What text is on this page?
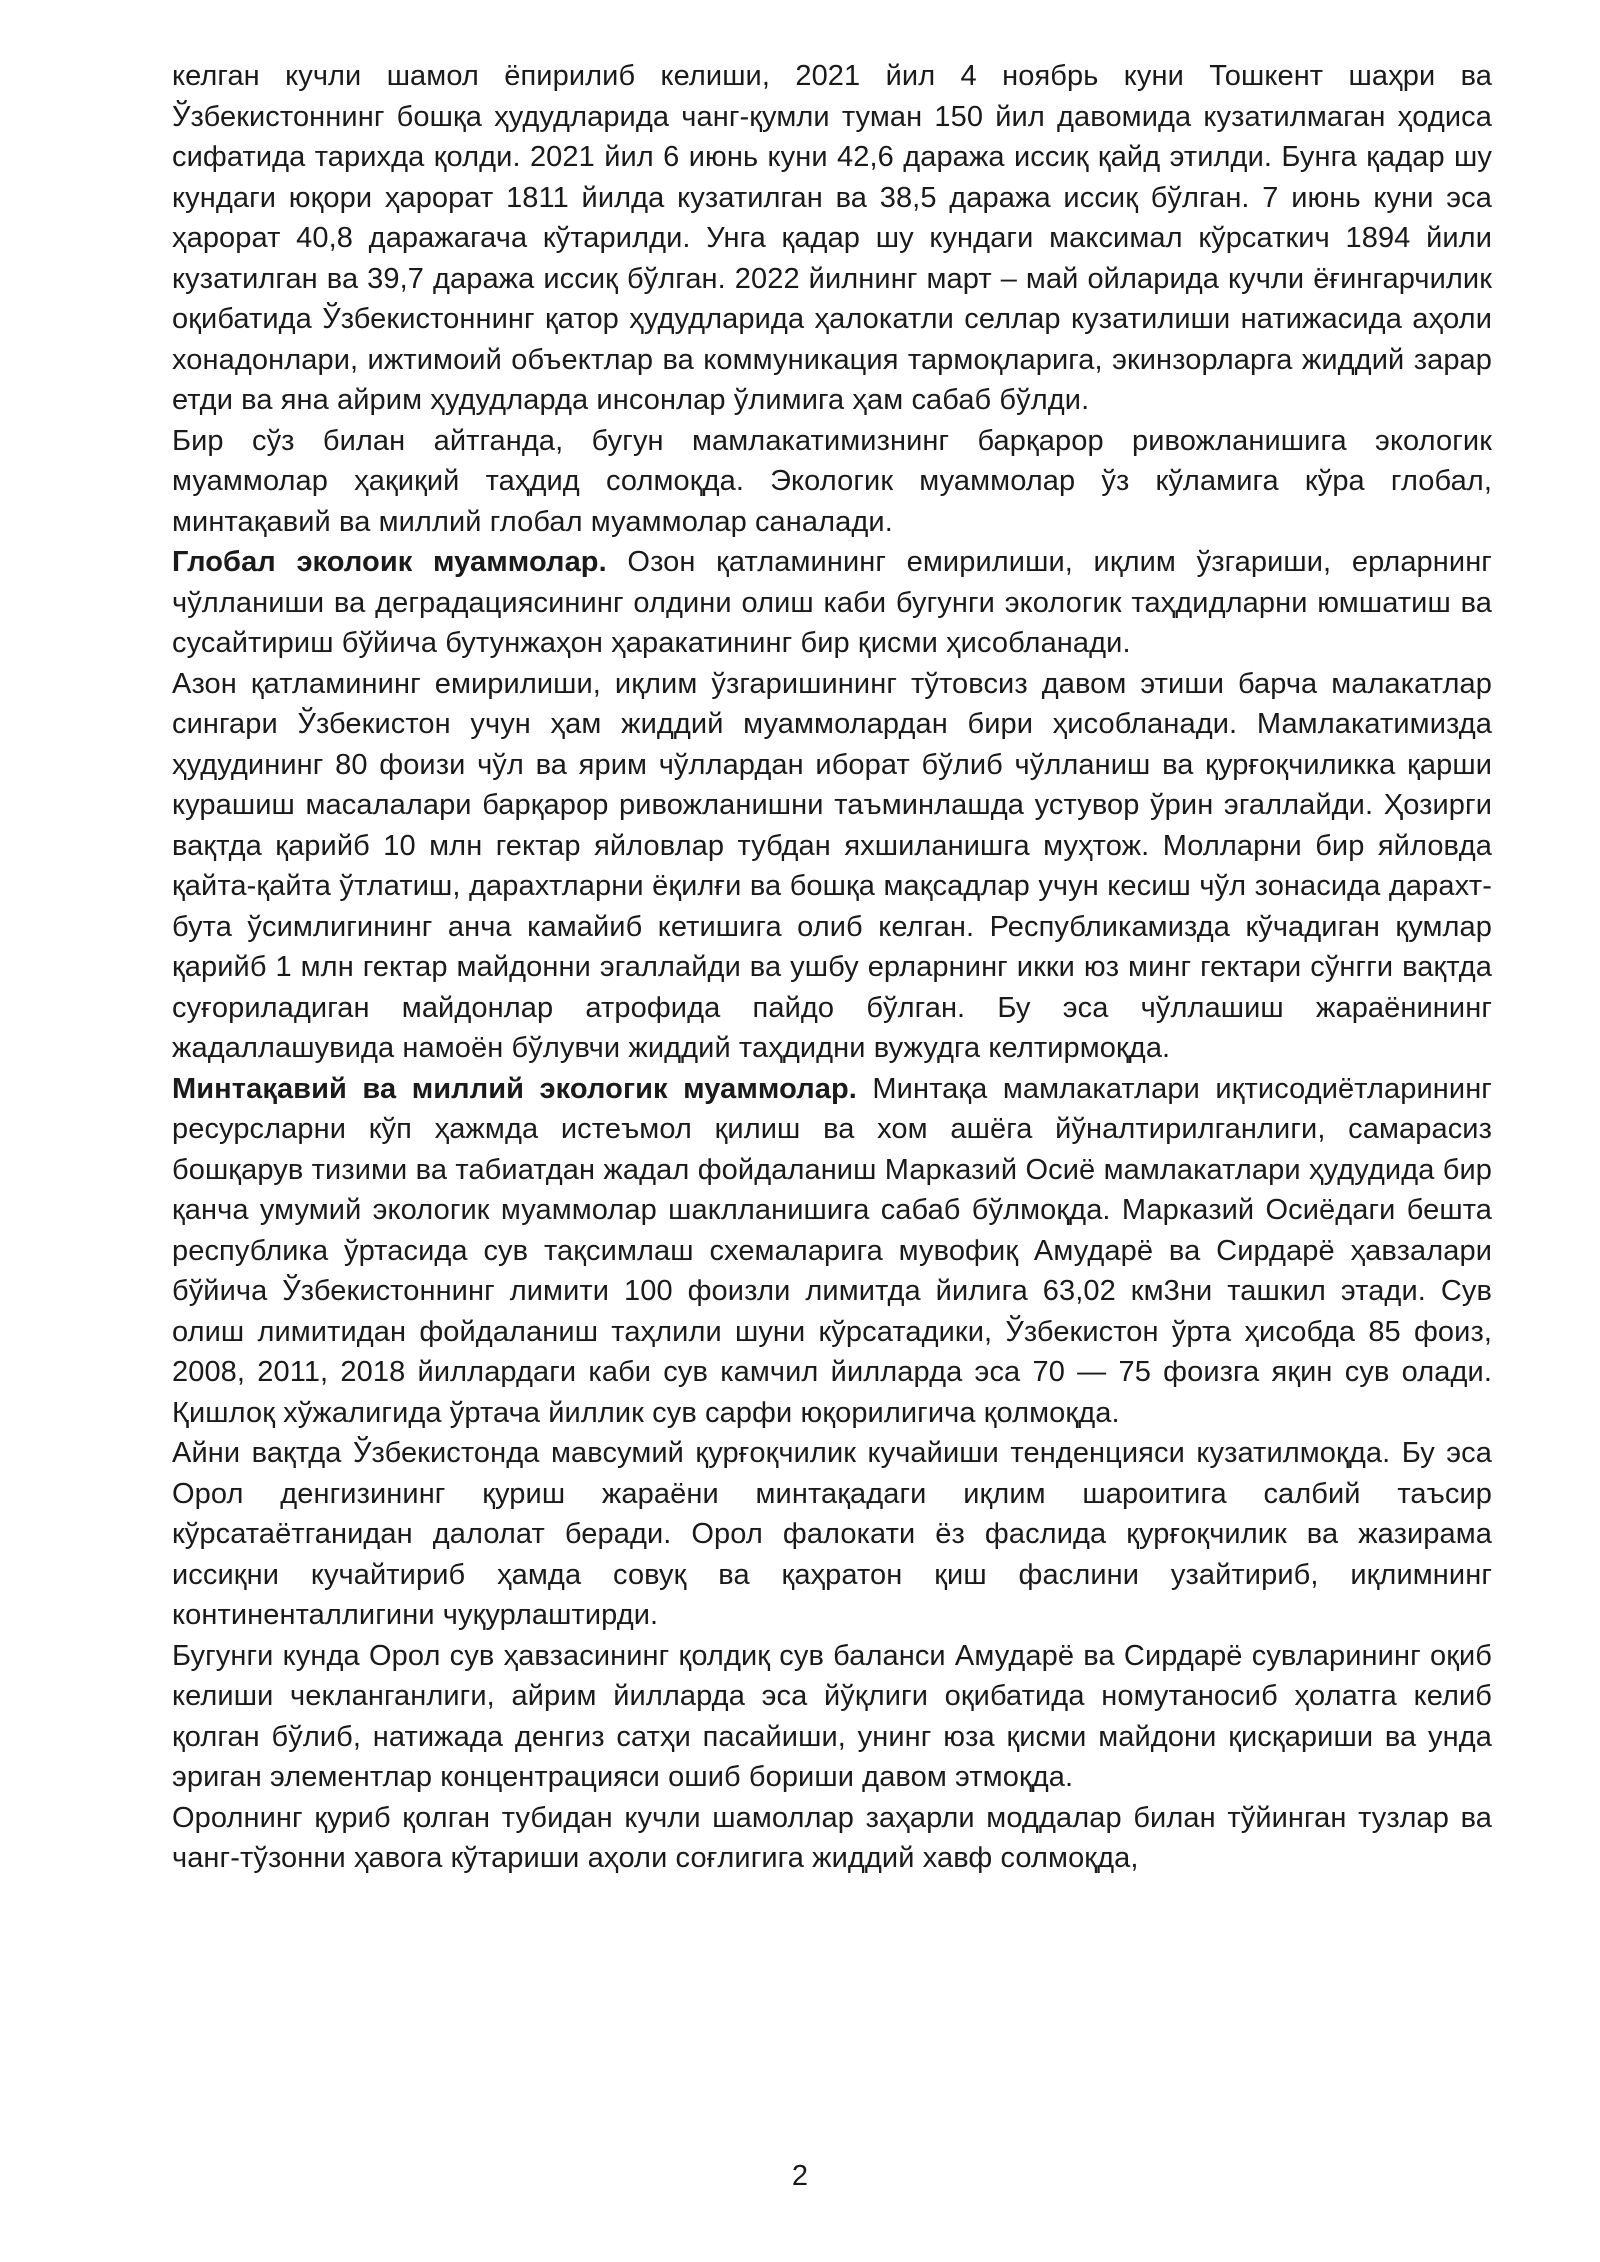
келган кучли шамол ёпирилиб келиши, 2021 йил 4 ноябрь куни Тошкент шаҳри ва Ўзбекистоннинг бошқа ҳудудларида чанг-қумли туман 150 йил давомида кузатилмаган ҳодиса сифатида тарихда қолди. 2021 йил 6 июнь куни 42,6 даража иссиқ қайд этилди. Бунга қадар шу кундаги юқори ҳарорат 1811 йилда кузатилган ва 38,5 даража иссиқ бўлган. 7 июнь куни эса ҳарорат 40,8 даражагача кўтарилди. Унга қадар шу кундаги максимал кўрсаткич 1894 йили кузатилган ва 39,7 даража иссиқ бўлган. 2022 йилнинг март – май ойларида кучли ёғингарчилик оқибатида Ўзбекистоннинг қатор ҳудудларида ҳалокатли селлар кузатилиши натижасида аҳоли хонадонлари, ижтимоий объектлар ва коммуникация тармоқларига, экинзорларга жиддий зарар етди ва яна айрим ҳудудларда инсонлар ўлимига ҳам сабаб бўлди.

Бир сўз билан айтганда, бугун мамлакатимизнинг барқарор ривожланишига экологик муаммолар ҳақиқий таҳдид солмоқда. Экологик муаммолар ўз кўламига кўра глобал, минтақавий ва миллий глобал муаммолар саналади.

Глобал эколоик муаммолар. Озон қатламининг емирилиши, иқлим ўзгариши, ерларнинг чўлланиши ва деградациясининг олдини олиш каби бугунги экологик таҳдидларни юмшатиш ва сусайтириш бўйича бутунжаҳон ҳаракатининг бир қисми ҳисобланади.

Азон қатламининг емирилиши, иқлим ўзгаришининг тўтовсиз давом этиши барча малакатлар сингари Ўзбекистон учун ҳам жиддий муаммолардан бири ҳисобланади. Мамлакатимизда ҳудудининг 80 фоизи чўл ва ярим чўллардан иборат бўлиб чўлланиш ва қурғоқчиликка қарши курашиш масалалари барқарор ривожланишни таъминлашда устувор ўрин эгаллайди. Ҳозирги вақтда қарийб 10 млн гектар яйловлар тубдан яхшиланишга муҳтож. Молларни бир яйловда қайта-қайта ўтлатиш, дарахтларни ёқилғи ва бошқа мақсадлар учун кесиш чўл зонасида дарахт-бута ўсимлигининг анча камайиб кетишига олиб келган. Республикамизда кўчадиган қумлар қарийб 1 млн гектар майдонни эгаллайди ва ушбу ерларнинг икки юз минг гектари сўнгги вақтда суғориладиган майдонлар атрофида пайдо бўлган. Бу эса чўллашиш жараёнининг жадаллашувида намоён бўлувчи жиддий таҳдидни вужудга келтирмоқда.

Минтақавий ва миллий экологик муаммолар. Минтақа мамлакатлари иқтисодиётларининг ресурсларни кўп ҳажмда истеъмол қилиш ва хом ашёга йўналтирилганлиги, самарасиз бошқарув тизими ва табиатдан жадал фойдаланиш Марказий Осиё мамлакатлари ҳудудида бир қанча умумий экологик муаммолар шаклланишига сабаб бўлмоқда. Марказий Осиёдаги бешта республика ўртасида сув тақсимлаш схемаларига мувофиқ Амударё ва Сирдарё ҳавзалари бўйича Ўзбекистоннинг лимити 100 фоизли лимитда йилига 63,02 км3ни ташкил этади. Сув олиш лимитидан фойдаланиш таҳлили шуни кўрсатадики, Ўзбекистон ўрта ҳисобда 85 фоиз, 2008, 2011, 2018 йиллардаги каби сув камчил йилларда эса 70 — 75 фоизга яқин сув олади. Қишлоқ хўжалигида ўртача йиллик сув сарфи юқорилигича қолмоқда.

Айни вақтда Ўзбекистонда мавсумий қурғоқчилик кучайиши тенденцияси кузатилмоқда. Бу эса Орол денгизининг қуриш жараёни минтақадаги иқлим шароитига салбий таъсир кўрсатаётганидан далолат беради. Орол фалокати ёз фаслида қурғоқчилик ва жазирама иссиқни кучайтириб ҳамда совуқ ва қаҳратон қиш фаслини узайтириб, иқлимнинг континенталлигини чуқурлаштирди.

Бугунги кунда Орол сув ҳавзасининг қолдиқ сув баланси Амударё ва Сирдарё сувларининг оқиб келиши чекланганлиги, айрим йилларда эса йўқлиги оқибатида номутаносиб ҳолатга келиб қолган бўлиб, натижада денгиз сатҳи пасайиши, унинг юза қисми майдони қисқариши ва унда эриган элементлар концентрацияси ошиб бориши давом этмоқда.

Оролнинг қуриб қолган тубидан кучли шамоллар заҳарли моддалар билан тўйинган тузлар ва чанг-тўзонни ҳавога кўтариши аҳоли соғлигига жиддий хавф солмоқда,

2
